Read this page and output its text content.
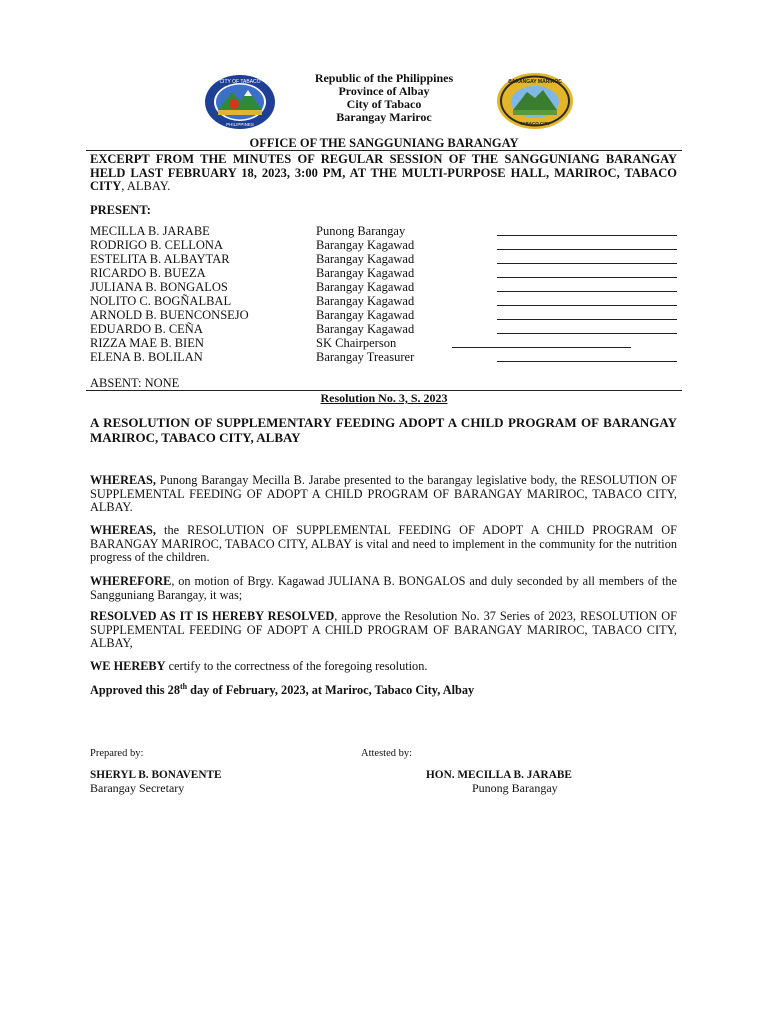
CITY OF TABACO
PHILIPPINES
BARANGAY MARIROC
TABACO CITY
Republic of the Philippines
Province of Albay
City of Tabaco
Barangay Mariroc
OFFICE OF THE SANGGUNIANG BARANGAY
EXCERPT FROM THE MINUTES OF REGULAR SESSION OF THE SANGGUNIANG BARANGAY HELD LAST FEBRUARY 18, 2023, 3:00 PM, AT THE MULTI-PURPOSE HALL, MARIROC, TABACO CITY, ALBAY.
PRESENT:
MECILLA B. JARABE	Punong Barangay
RODRIGO B. CELLONA	Barangay Kagawad
ESTELITA B. ALBAYTAR	Barangay Kagawad
RICARDO B. BUEZA	Barangay Kagawad
JULIANA B. BONGALOS	Barangay Kagawad
NOLITO C. BOGÑALBAL	Barangay Kagawad
ARNOLD B. BUENCONSEJO	Barangay Kagawad
EDUARDO B. CEÑA	Barangay Kagawad
RIZZA MAE B. BIEN	SK Chairperson
ELENA B. BOLILAN	Barangay Treasurer
ABSENT: NONE
Resolution No. 3, S. 2023
A RESOLUTION OF SUPPLEMENTARY FEEDING ADOPT A CHILD PROGRAM OF BARANGAY MARIROC, TABACO CITY, ALBAY
WHEREAS, Punong Barangay Mecilla B. Jarabe presented to the barangay legislative body, the RESOLUTION OF SUPPLEMENTAL FEEDING OF ADOPT A CHILD PROGRAM OF BARANGAY MARIROC, TABACO CITY, ALBAY.
WHEREAS, the RESOLUTION OF SUPPLEMENTAL FEEDING OF ADOPT A CHILD PROGRAM OF BARANGAY MARIROC, TABACO CITY, ALBAY is vital and need to implement in the community for the nutrition progress of the children.
WHEREFORE, on motion of Brgy. Kagawad JULIANA B. BONGALOS and duly seconded by all members of the Sangguniang Barangay, it was;
RESOLVED AS IT IS HEREBY RESOLVED, approve the Resolution No. 37 Series of 2023, RESOLUTION OF SUPPLEMENTAL FEEDING OF ADOPT A CHILD PROGRAM OF BARANGAY MARIROC, TABACO CITY, ALBAY,
WE HEREBY certify to the correctness of the foregoing resolution.
Approved this 28th day of February, 2023, at Mariroc, Tabaco City, Albay
Prepared by:	Attested by:
SHERYL B. BONAVENTE
Barangay Secretary
HON. MECILLA B. JARABE
Punong Barangay
